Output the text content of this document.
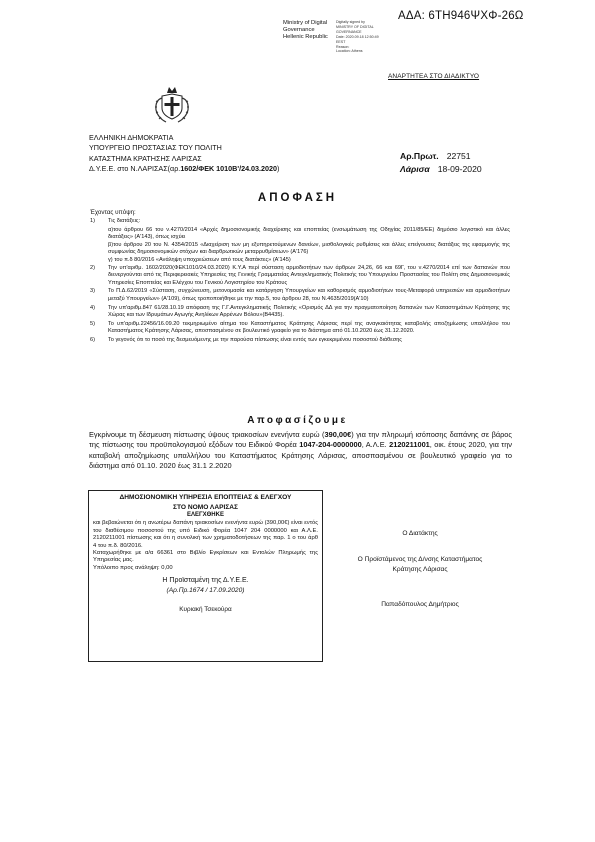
ΑΔΑ: 6ΤΗ946ΨΧΦ-26Ω
Ministry of Digital
Governance
Hellenic Republic
Digitally signed by
MINISTRY OF DIGITAL
GOVERNANCE
Date: 2020.09.18 12:50:49
EEST
Reason:
Location: Athens
ΑΝΑΡΤΗΤΕΑ ΣΤΟ ΔΙΑΔΙΚΤΥΟ
ΕΛΛΗΝΙΚΗ ΔΗΜΟΚΡΑΤΙΑ
ΥΠΟΥΡΓΕΙΟ ΠΡΟΣΤΑΣΙΑΣ ΤΟΥ ΠΟΛΙΤΗ
ΚΑΤΑΣΤΗΜΑ ΚΡΑΤΗΣΗΣ ΛΑΡΙΣΑΣ
Δ.Υ.Ε.Ε. στο Ν.ΛΑΡΙΣΑΣ(αρ.1602/ΦΕΚ 1010Β'/24.03.2020)
Αρ.Πρωτ. 22751
Λάρισα 18-09-2020
ΑΠΟΦΑΣΗ
Έχοντας υπόψη:
1)	Τις διατάξεις:
α)του άρθρου 66 του ν.4270/2014 «Αρχές δημοσιονομικής διαχείρισης και εποπτείας (ενσωμάτωση της Οδηγίας 2011/85/ΕΕ) δημόσιο λογιστικό και άλλες διατάξεις» (Α'143), όπως ισχύει
β)του άρθρου 20 του Ν. 4354/2015 «Διαχείριση των μη εξυπηρετούμενων δανείων, μισθολογικές ρυθμίσεις και άλλες επείγουσες διατάξεις της εφαρμογής της συμφωνίας δημοσιονομικών στόχων και διαρθρωτικών μεταρρυθμίσεων» (Α'176)
γ) του π.δ 80/2016 «Ανάληψη υποχρεώσεων από τους διατάκτες» (Α'145)
2)	Την υπ'αριθμ. 1602/2020(ΦΕΚ1010/24.03.2020) Κ.Υ.Α περί σύσταση αρμοδιοτήτων των άρθρων 24,26, 66 και 69Γ, του ν.4270/2014 επί των δαπανών που διενεργούνται από τις Περιφερειακές Υπηρεσίες της Γενικής Γραμματείας Αντεγκληματικής Πολιτικής του Υπουργείου Προστασίας του Πολίτη στις Δημοσιονομικές Υπηρεσίες Εποπτείας και Ελέγχου του Γενικού Λογιστηρίου του Κράτους
3)	Το Π.Δ.62/2019 «Σύσταση, συγχώνευση, μετονομασία και κατάργηση Υπουργείων και καθορισμός αρμοδιοτήτων τους-Μεταφορά υπηρεσιών και αρμοδιοτήτων μεταξύ Υπουργείων» (Α'109), όπως τροποποιήθηκε με την παρ.5, του άρθρου 28, του Ν.4635/2019(Α'10)
4)	Την υπ'αριθμ.847 61/28.10.19 απόφαση της Γ.Γ.Αντεγκληματικής Πολιτικής «Ορισμός ΔΔ για την πραγματοποίηση δαπανών των Καταστημάτων Κράτησης της Χώρας και των Ιδρυμάτων Αγωγής Ανηλίκων Αρρένων Βόλου»(Β4435).
5)	Το υπ'αριθμ.22456/16.09.20 τεκμηριωμένο αίτημα του Καταστήματος Κράτησης Λάρισας περί της αναγκαιότητας καταβολής αποζημίωσης υπαλλήλου του Καταστήματος Κράτησης Λάρισας, αποσπασμένου σε βουλευτικό γραφείο για το διάστημα από 01.10.2020 έως 31.12.2020.
6)	Το γεγονός ότι το ποσό της δεσμευόμενης με την παρούσα πίστωσης είναι εντός των εγκεκριμένου ποσοστού διάθεσης
Αποφασίζουμε
Εγκρίνουμε τη δέσμευση πίστωσης ύψους τριακοσίων ενενήντα ευρώ (390,00€) για την πληρωμή ισόποσης δαπάνης σε βάρος της πίστωσης του προϋπολογισμού εξόδων του Ειδικού Φορέα 1047-204-0000000, Α.Λ.Ε. 2120211001, οικ. έτους 2020, για την καταβολή αποζημίωσης υπαλλήλου του Καταστήματος Κράτησης Λάρισας, αποσπασμένου σε βουλευτικό γραφείο για το διάστημα από 01.10. 2020 έως 31.1 2.2020
ΔΗΜΟΣΙΟΝΟΜΙΚΗ ΥΠΗΡΕΣΙΑ ΕΠΟΠΤΕΙΑΣ & ΕΛΕΓΧΟΥ
ΣΤΟ ΝΟΜΟ ΛΑΡΙΣΑΣ
ΕΛΕΓΧΘΗΚΕ
και βεβαιώνεται ότι η ανωτέρω δαπάνη τριακοσίων ενενήντα ευρώ (390,00€) είναι εντός του διαθέσιμου ποσοστού της υπό Ειδικό Φορέα 1047 204 0000000 και Α.Λ.Ε. 2120211001 πίστωσης και ότι η συνολική των χρηματοδοτήσεων της παρ. 1 ο του άρθ 4 του π.δ. 80/2016.
Καταχωρήθηκε με α/α 66361 στο Βιβλίο Εγκρίσεων και Εντολών Πληρωμής της Υπηρεσίας μας.
Υπόλοιπο προς ανάληψη: 0,00
Η Προϊσταμένη της Δ.Υ.Ε.Ε.
(Αρ.Πρ.1674 / 17.09.2020)
Κυριακή Τσεκούρα
Ο Διατάκτης
Ο Προϊστάμενος της Δ/νσης Καταστήματος
Κράτησης Λάρισας
Παπαδόπουλος Δημήτριος
